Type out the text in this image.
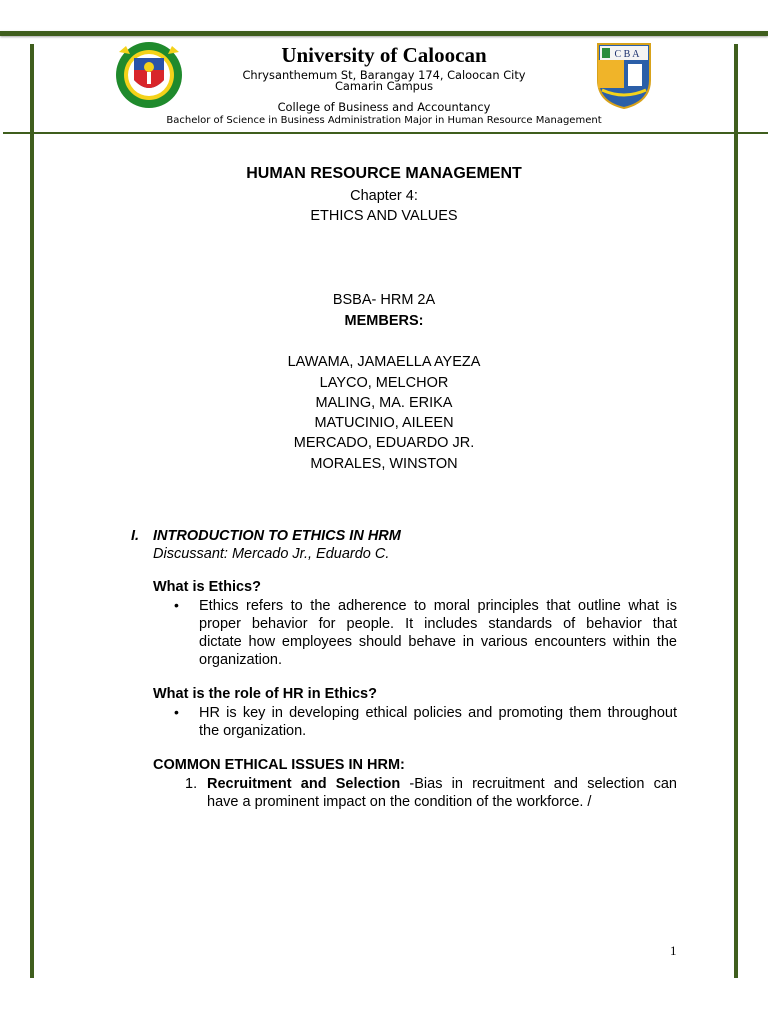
C B A
University of Caloocan
Chrysanthemum St, Barangay 174, Caloocan City
Camarin Campus
College of Business and Accountancy
Bachelor of Science in Business Administration Major in Human Resource Management
HUMAN RESOURCE MANAGEMENT
Chapter 4:
ETHICS AND VALUES
BSBA- HRM 2A
MEMBERS:
LAWAMA, JAMAELLA AYEZA
LAYCO, MELCHOR
MALING, MA. ERIKA
MATUCINIO, AILEEN
MERCADO, EDUARDO JR.
MORALES, WINSTON
I. INTRODUCTION TO ETHICS IN HRM
Discussant: Mercado Jr., Eduardo C.
What is Ethics?
• Ethics refers to the adherence to moral principles that outline what is
proper behavior for people. It includes standards of behavior that
dictate how employees should behave in various encounters within the
organization.
What is the role of HR in Ethics?
• HR is key in developing ethical policies and promoting them throughout
the organization.
COMMON ETHICAL ISSUES IN HRM:
1. Recruitment and Selection -Bias in recruitment and selection can
have a prominent impact on the condition of the workforce. /
1
